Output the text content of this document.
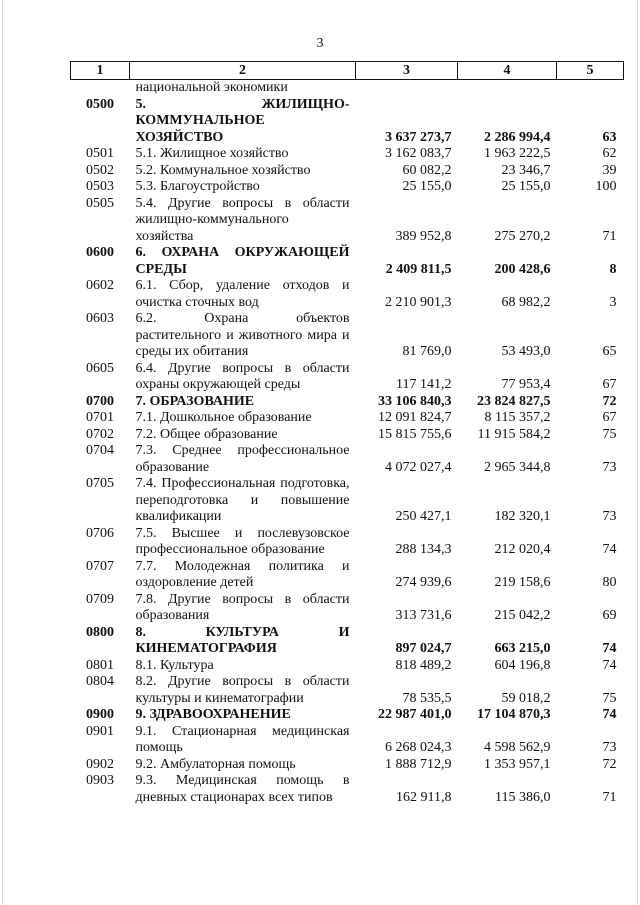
3
1	2	3	4	5
	национальной экономики			
0500	5. ЖИЛИЩНО-КОММУНАЛЬНОЕ ХОЗЯЙСТВО	3 637 273,7	2 286 994,4	63
0501	5.1. Жилищное хозяйство	3 162 083,7	1 963 222,5	62
0502	5.2. Коммунальное хозяйство	60 082,2	23 346,7	39
0503	5.3. Благоустройство	25 155,0	25 155,0	100
0505	5.4. Другие вопросы в области жилищно-коммунального хозяйства	389 952,8	275 270,2	71
0600	6. ОХРАНА ОКРУЖАЮЩЕЙ СРЕДЫ	2 409 811,5	200 428,6	8
0602	6.1. Сбор, удаление отходов и очистка сточных вод	2 210 901,3	68 982,2	3
0603	6.2. Охрана объектов растительного и животного мира и среды их обитания	81 769,0	53 493,0	65
0605	6.4. Другие вопросы в области охраны окружающей среды	117 141,2	77 953,4	67
0700	7. ОБРАЗОВАНИЕ	33 106 840,3	23 824 827,5	72
0701	7.1. Дошкольное образование	12 091 824,7	8 115 357,2	67
0702	7.2. Общее образование	15 815 755,6	11 915 584,2	75
0704	7.3. Среднее профессиональное образование	4 072 027,4	2 965 344,8	73
0705	7.4. Профессиональная подготовка, переподготовка и повышение квалификации	250 427,1	182 320,1	73
0706	7.5. Высшее и послевузовское профессиональное образование	288 134,3	212 020,4	74
0707	7.7. Молодежная политика и оздоровление детей	274 939,6	219 158,6	80
0709	7.8. Другие вопросы в области образования	313 731,6	215 042,2	69
0800	8. КУЛЬТУРА И КИНЕМАТОГРАФИЯ	897 024,7	663 215,0	74
0801	8.1. Культура	818 489,2	604 196,8	74
0804	8.2. Другие вопросы в области культуры и кинематографии	78 535,5	59 018,2	75
0900	9. ЗДРАВООХРАНЕНИЕ	22 987 401,0	17 104 870,3	74
0901	9.1. Стационарная медицинская помощь	6 268 024,3	4 598 562,9	73
0902	9.2. Амбулаторная помощь	1 888 712,9	1 353 957,1	72
0903	9.3. Медицинская помощь в дневных стационарах всех типов	162 911,8	115 386,0	71
